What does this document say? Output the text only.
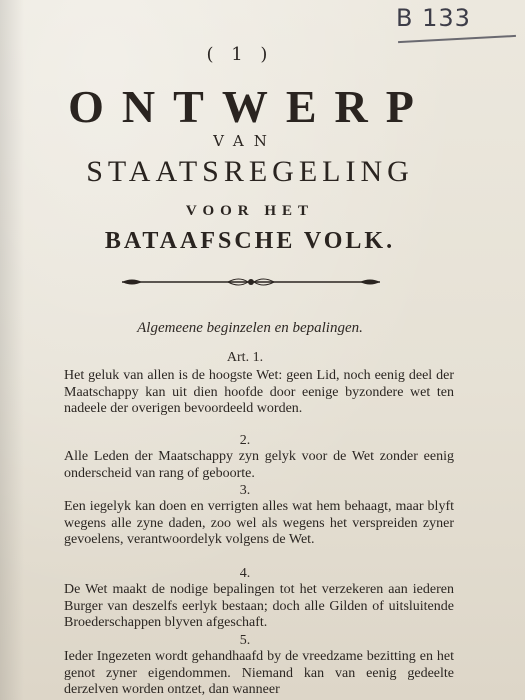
B 133
( 1 )
ONTWERP
VAN
STAATSREGELING
VOOR HET
BATAAFSCHE VOLK.
Algemeene beginzelen en bepalingen.
Art. 1.
Het geluk van allen is de hoogste Wet: geen Lid, noch eenig deel der Maatschappy kan uit dien hoofde door eenige byzondere wet ten nadeele der overigen bevoordeeld worden.
2.
Alle Leden der Maatschappy zyn gelyk voor de Wet zonder eenig onderscheid van rang of geboorte.
3.
Een iegelyk kan doen en verrigten alles wat hem behaagt, maar blyft wegens alle zyne daden, zoo wel als wegens het verspreiden zyner gevoelens, verantwoordelyk volgens de Wet.
4.
De Wet maakt de nodige bepalingen tot het verzekeren aan iederen Burger van deszelfs eerlyk bestaan; doch alle Gilden of uitsluitende Broederschappen blyven afgeschaft.
5.
Ieder Ingezeten wordt gehandhaafd by de vreedzame bezitting en het genot zyner eigendommen. Niemand kan van eenig gedeelte derzelven worden ontzet, dan wanneer
